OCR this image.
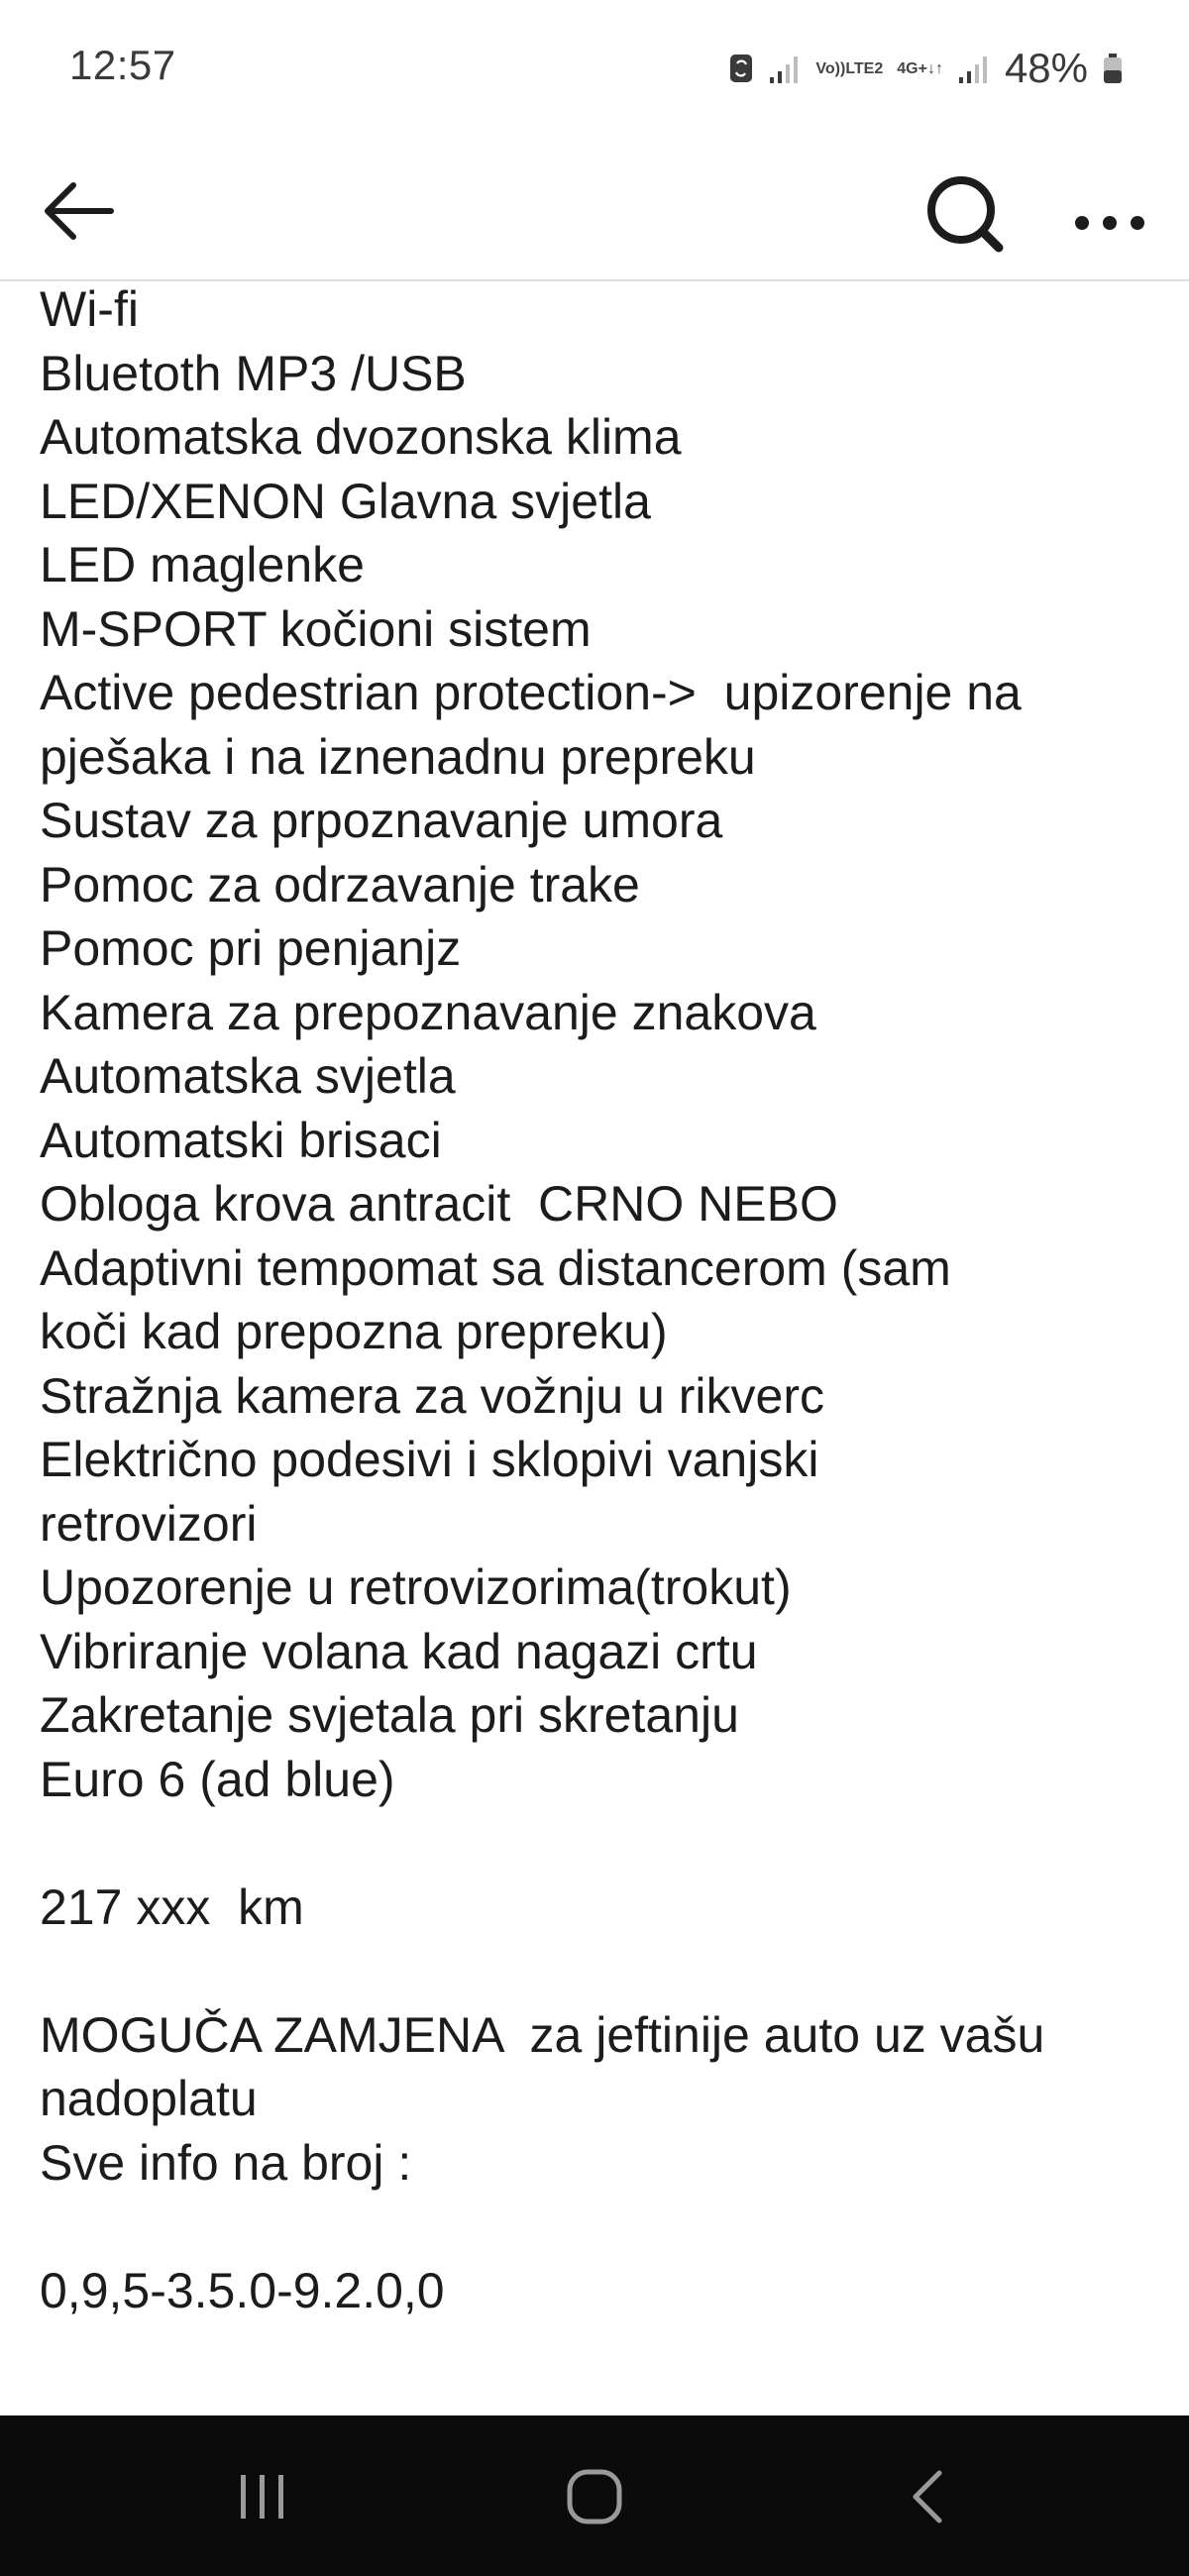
12:57	Vo)) LTE2 4G+ ↓↑ 48%
Wi-fi
Bluetoth MP3 /USB
Automatska dvozonska klima
LED/XENON Glavna svjetla
LED maglenke
M-SPORT kočioni sistem
Active pedestrian protection->  upizorenje na
pješaka i na iznenadnu prepreku
Sustav za prpoznavanje umora
Pomoc za odrzavanje trake
Pomoc pri penjanjz
Kamera za prepoznavanje znakova
Automatska svjetla
Automatski brisaci
Obloga krova antracit  CRNO NEBO
Adaptivni tempomat sa distancerom (sam
koči kad prepozna prepreku)
Stražnja kamera za vožnju u rikverc
Električno podesivi i sklopivi vanjski
retrovizori
Upozorenje u retrovizorima(trokut)
Vibriranje volana kad nagazi crtu
Zakretanje svjetala pri skretanju
Euro 6 (ad blue)
217 xxx  km
MOGUČA ZAMJENA  za jeftinije auto uz vašu
nadoplatu
Sve info na broj :
0,9,5-3.5.0-9.2.0,0
